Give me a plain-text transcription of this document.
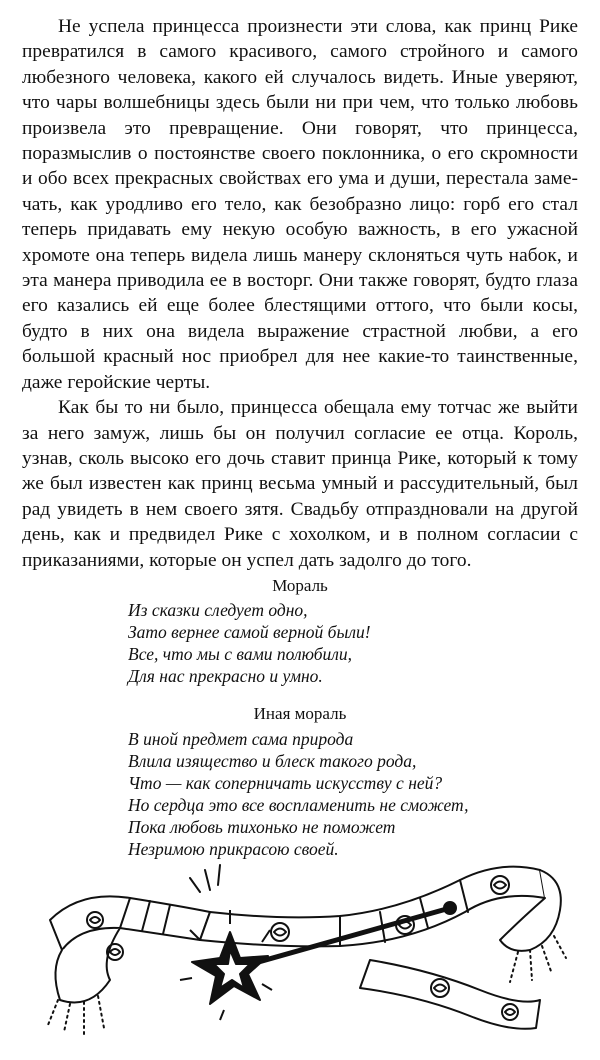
Не успела принцесса произнести эти слова, как принц Рике превратился в самого красивого, самого стройного и самого любезного человека, какого ей случалось видеть. Иные уверяют, что чары волшебницы здесь были ни при чем, что только любовь произвела это превращение. Они говорят, что принцесса, поразмыслив о постоянстве своего поклонника, о его скромности и обо всех прекрасных свойствах его ума и души, перестала замечать, как уродливо его тело, как безобразно лицо: горб его стал теперь придавать ему некую особую важность, в его ужасной хромоте она теперь видела лишь манеру склоняться чуть набок, и эта манера приводила ее в восторг. Они также говорят, будто глаза его казались ей еще более блестящими оттого, что были косы, будто в них она видела выражение страстной любви, а его большой красный нос приобрел для нее какие-то таинственные, даже геройские черты.

Как бы то ни было, принцесса обещала ему тотчас же выйти за него замуж, лишь бы он получил согласие ее отца. Король, узнав, сколь высоко его дочь ставит принца Рике, который к тому же был известен как принц весьма умный и рассудительный, был рад увидеть в нем своего зятя. Свадьбу отпраздновали на другой день, как и предвидел Рике с хохолком, и в полном согласии с приказаниями, которые он успел дать задолго до того.

Мораль
Из сказки следует одно,
Зато вернее самой верной были!
Все, что мы с вами полюбили,
Для нас прекрасно и умно.
Иная мораль
В иной предмет сама природа
Влила изящество и блеск такого рода,
Что — как соперничать искусству с ней?
Но сердца это все воспламенить не сможет,
Пока любовь тихонько не поможет
Незримою прикрасою своей.
